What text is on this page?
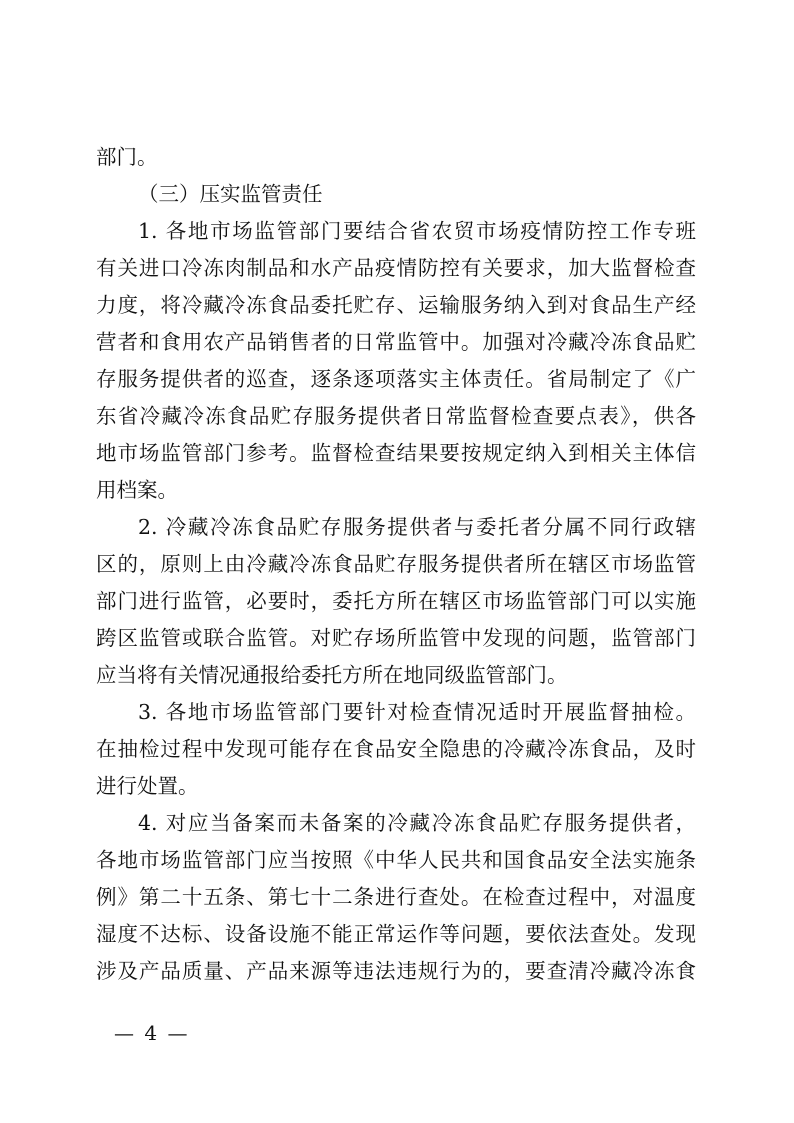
部门。
（三）压实监管责任
1. 各地市场监管部门要结合省农贸市场疫情防控工作专班
有关进口冷冻肉制品和水产品疫情防控有关要求，加大监督检查
力度，将冷藏冷冻食品委托贮存、运输服务纳入到对食品生产经
营者和食用农产品销售者的日常监管中。加强对冷藏冷冻食品贮
存服务提供者的巡查，逐条逐项落实主体责任。省局制定了《广
东省冷藏冷冻食品贮存服务提供者日常监督检查要点表》，供各
地市场监管部门参考。监督检查结果要按规定纳入到相关主体信
用档案。
2. 冷藏冷冻食品贮存服务提供者与委托者分属不同行政辖
区的，原则上由冷藏冷冻食品贮存服务提供者所在辖区市场监管
部门进行监管，必要时，委托方所在辖区市场监管部门可以实施
跨区监管或联合监管。对贮存场所监管中发现的问题，监管部门
应当将有关情况通报给委托方所在地同级监管部门。
3. 各地市场监管部门要针对检查情况适时开展监督抽检。
在抽检过程中发现可能存在食品安全隐患的冷藏冷冻食品，及时
进行处置。
4. 对应当备案而未备案的冷藏冷冻食品贮存服务提供者，
各地市场监管部门应当按照《中华人民共和国食品安全法实施条
例》第二十五条、第七十二条进行查处。在检查过程中，对温度
湿度不达标、设备设施不能正常运作等问题，要依法查处。发现
涉及产品质量、产品来源等违法违规行为的，要查清冷藏冷冻食
— 4 —
